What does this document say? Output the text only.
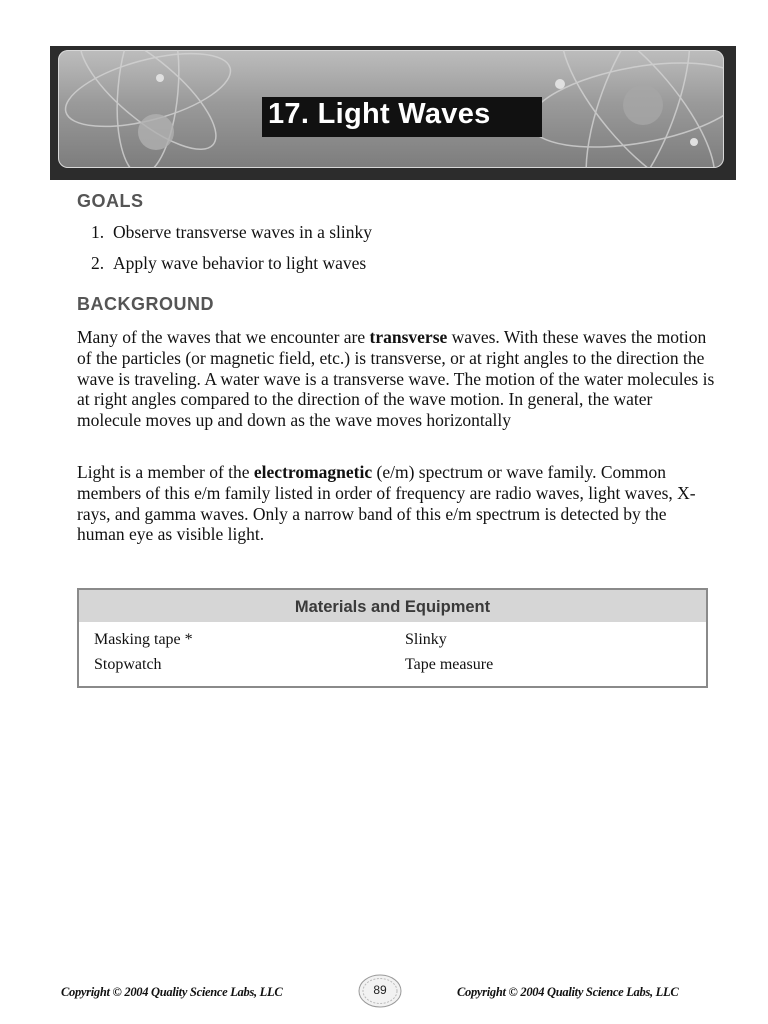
17. Light Waves
GOALS
1. Observe transverse waves in a slinky
2. Apply wave behavior to light waves
BACKGROUND
Many of the waves that we encounter are transverse waves. With these waves the motion of the particles (or magnetic field, etc.) is transverse, or at right angles to the direction the wave is traveling. A water wave is a transverse wave. The motion of the water molecules is at right angles compared to the direction of the wave motion. In general, the water molecule moves up and down as the wave moves horizontally
Light is a member of the electromagnetic (e/m) spectrum or wave family. Common members of this e/m family listed in order of frequency are radio waves, light waves, X-rays, and gamma waves. Only a narrow band of this e/m spectrum is detected by the human eye as visible light.
Materials and Equipment
Masking tape *	Slinky
Stopwatch	Tape measure
Copyright © 2004 Quality Science Labs, LLC	89	Copyright © 2004 Quality Science Labs, LLC
